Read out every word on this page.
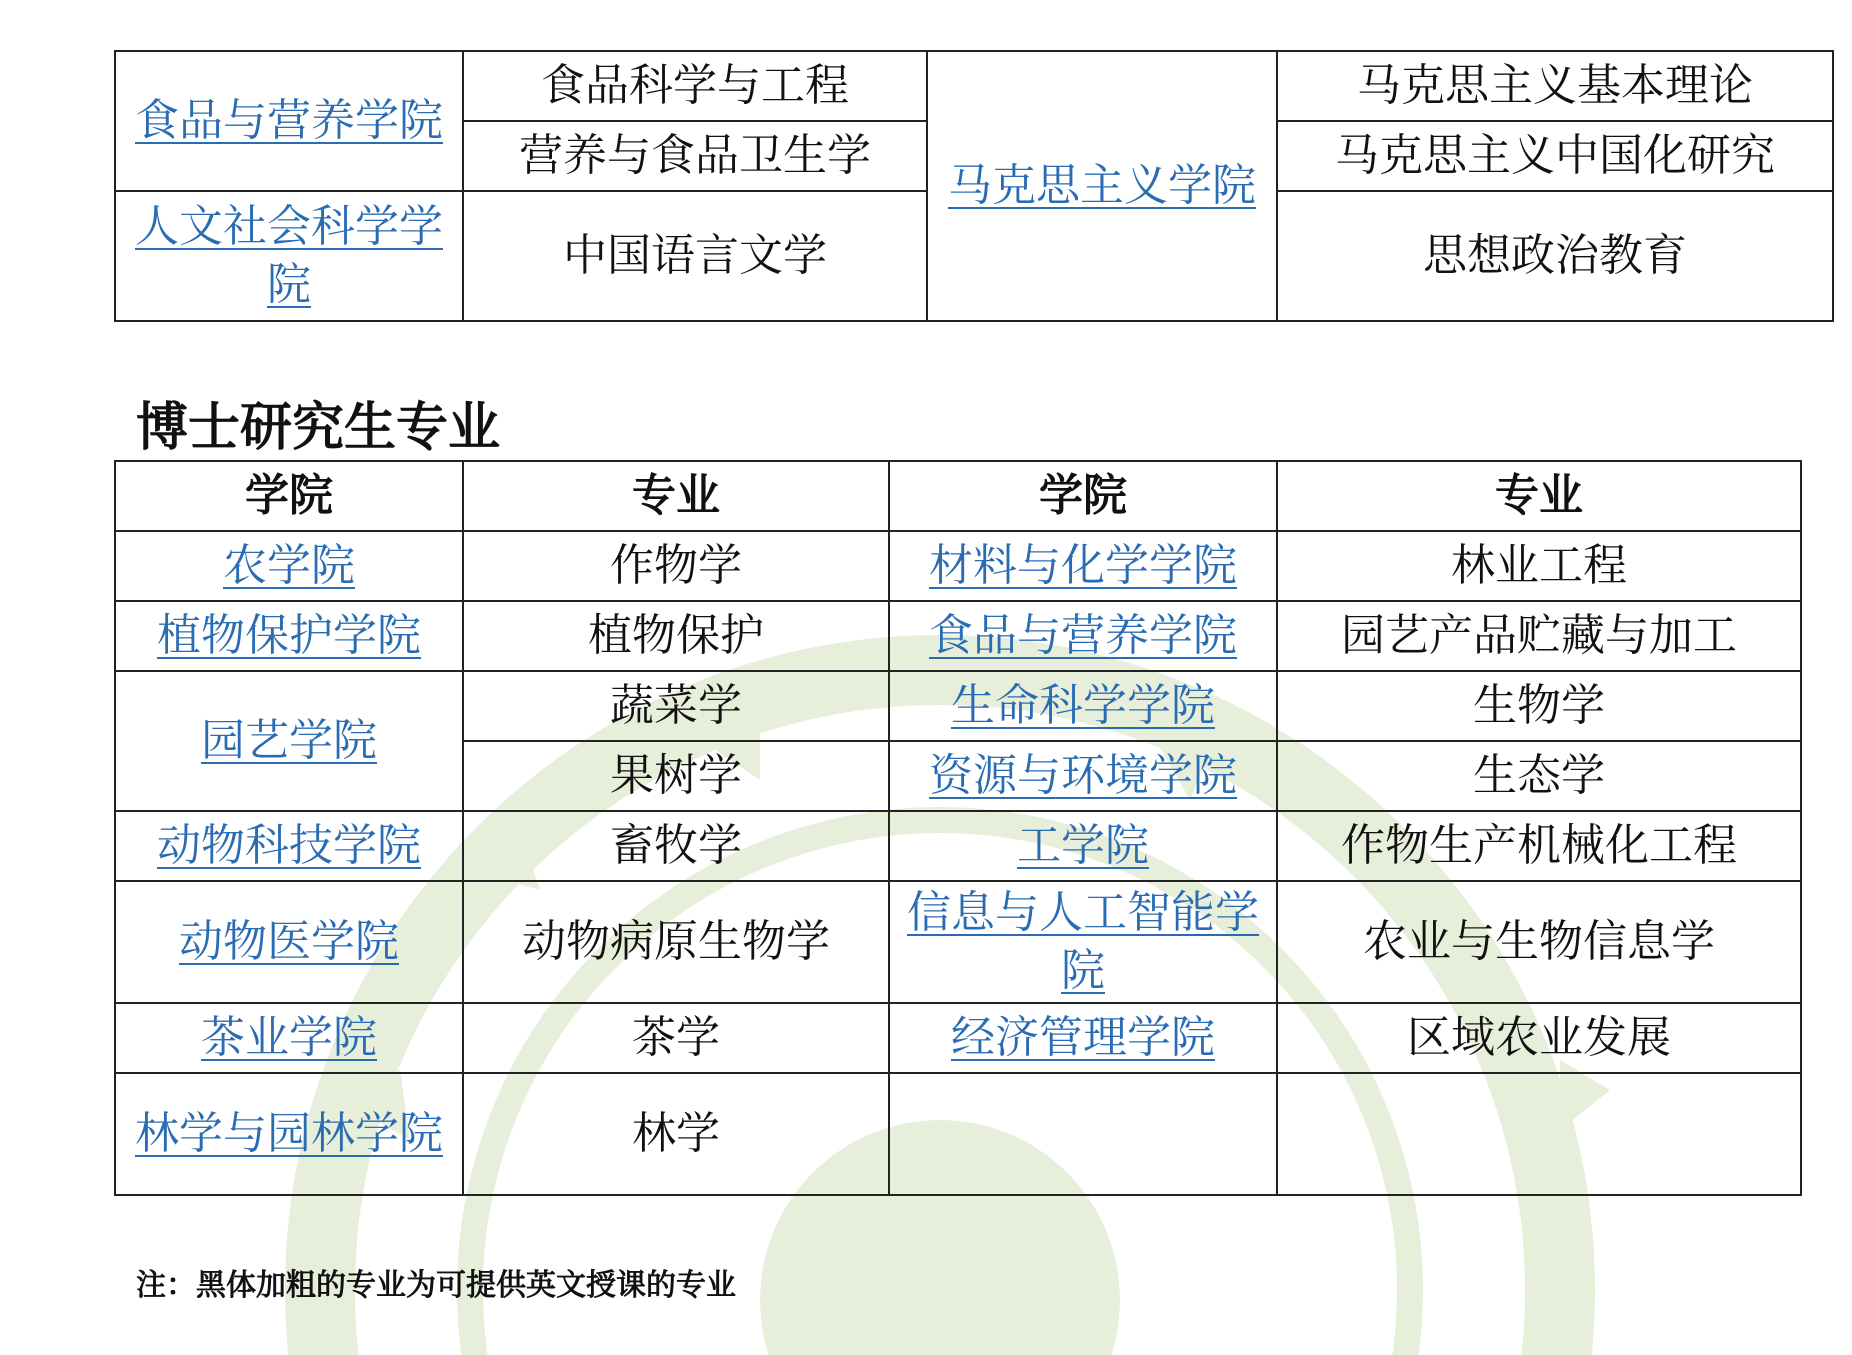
食品与营养学院	食品科学与工程	马克思主义学院	马克思主义基本理论
	营养与食品卫生学		马克思主义中国化研究
人文社会科学学院	中国语言文学		思想政治教育
博士研究生专业
学院	专业	学院	专业
农学院	作物学	材料与化学学院	林业工程
植物保护学院	植物保护	食品与营养学院	园艺产品贮藏与加工
园艺学院	蔬菜学	生命科学学院	生物学
	果树学	资源与环境学院	生态学
动物科技学院	畜牧学	工学院	作物生产机械化工程
动物医学院	动物病原生物学	信息与人工智能学院	农业与生物信息学
茶业学院	茶学	经济管理学院	区域农业发展
林学与园林学院	林学		

注：黑体加粗的专业为可提供英文授课的专业
